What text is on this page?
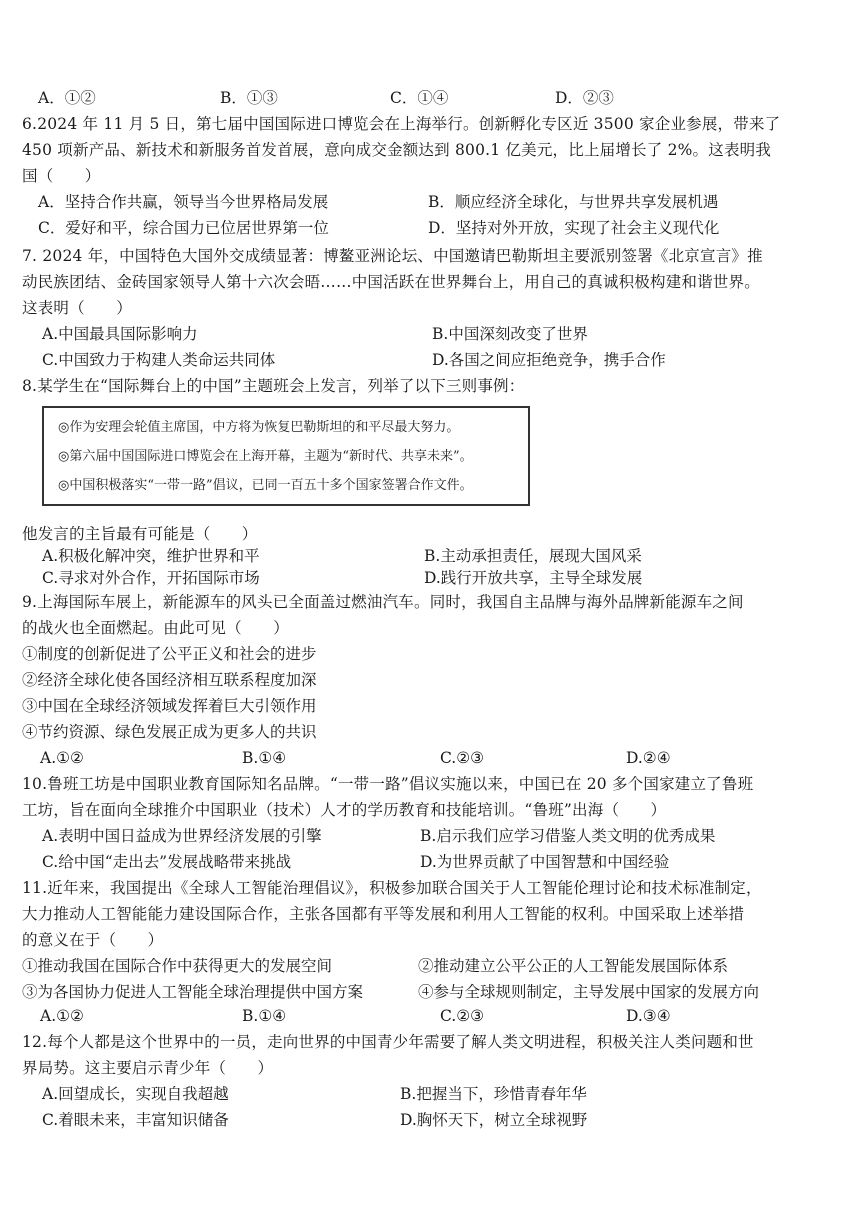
A．①②	B．①③	C．①④	D．②③
6.2024 年 11 月 5 日，第七届中国国际进口博览会在上海举行。创新孵化专区近 3500 家企业参展，带来了
450 项新产品、新技术和新服务首发首展，意向成交金额达到 800.1 亿美元，比上届增长了 2%。这表明我
国（　　）
A．坚持合作共赢，领导当今世界格局发展	B．顺应经济全球化，与世界共享发展机遇
C．爱好和平，综合国力已位居世界第一位	D．坚持对外开放，实现了社会主义现代化
7. 2024 年，中国特色大国外交成绩显著：博鳌亚洲论坛、中国邀请巴勒斯坦主要派别签署《北京宣言》推
动民族团结、金砖国家领导人第十六次会晤……中国活跃在世界舞台上，用自己的真诚积极构建和谐世界。
这表明（　　）
A.中国最具国际影响力	B.中国深刻改变了世界
C.中国致力于构建人类命运共同体	D.各国之间应拒绝竞争，携手合作
8.某学生在“国际舞台上的中国”主题班会上发言，列举了以下三则事例：
◎作为安理会轮值主席国，中方将为恢复巴勒斯坦的和平尽最大努力。
◎第六届中国国际进口博览会在上海开幕，主题为“新时代、共享未来”。
◎中国积极落实“一带一路”倡议，已同一百五十多个国家签署合作文件。
他发言的主旨最有可能是（　　）
A.积极化解冲突，维护世界和平	B.主动承担责任，展现大国风采
C.寻求对外合作，开拓国际市场	D.践行开放共享，主导全球发展
9.上海国际车展上，新能源车的风头已全面盖过燃油汽车。同时，我国自主品牌与海外品牌新能源车之间
的战火也全面燃起。由此可见（　　）
①制度的创新促进了公平正义和社会的进步
②经济全球化使各国经济相互联系程度加深
③中国在全球经济领域发挥着巨大引领作用
④节约资源、绿色发展正成为更多人的共识
A.①②	B.①④	C.②③	D.②④
10.鲁班工坊是中国职业教育国际知名品牌。“一带一路”倡议实施以来，中国已在 20 多个国家建立了鲁班
工坊，旨在面向全球推介中国职业（技术）人才的学历教育和技能培训。“鲁班”出海（　　）
A.表明中国日益成为世界经济发展的引擎	B.启示我们应学习借鉴人类文明的优秀成果
C.给中国“走出去”发展战略带来挑战	D.为世界贡献了中国智慧和中国经验
11.近年来，我国提出《全球人工智能治理倡议》，积极参加联合国关于人工智能伦理讨论和技术标准制定，
大力推动人工智能能力建设国际合作，主张各国都有平等发展和利用人工智能的权利。中国采取上述举措
的意义在于（　　）
①推动我国在国际合作中获得更大的发展空间	②推动建立公平公正的人工智能发展国际体系
③为各国协力促进人工智能全球治理提供中国方案	④参与全球规则制定，主导发展中国家的发展方向
A.①②	B.①④	C.②③	D.③④
12.每个人都是这个世界中的一员，走向世界的中国青少年需要了解人类文明进程，积极关注人类问题和世
界局势。这主要启示青少年（　　）
A.回望成长，实现自我超越	B.把握当下，珍惜青春年华
C.着眼未来，丰富知识储备	D.胸怀天下，树立全球视野
